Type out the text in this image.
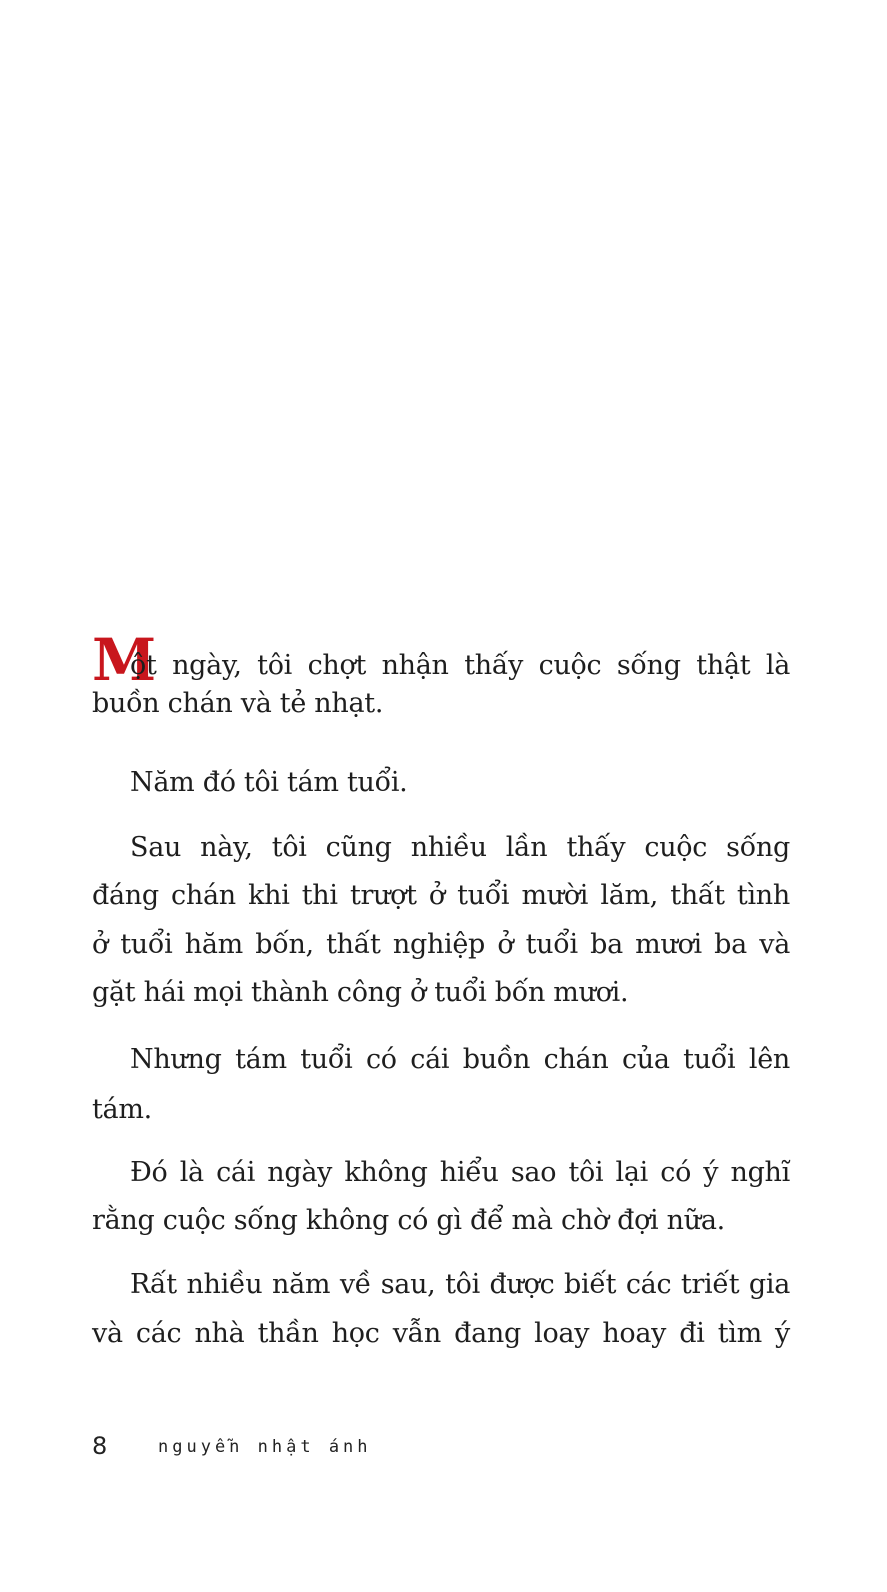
M
ột ngày, tôi chợt nhận thấy cuộc sống thật là
buồn chán và tẻ nhạt.
Năm đó tôi tám tuổi.
Sau này, tôi cũng nhiều lần thấy cuộc sống
đáng chán khi thi trượt ở tuổi mười lăm, thất tình
ở tuổi hăm bốn, thất nghiệp ở tuổi ba mươi ba và
gặt hái mọi thành công ở tuổi bốn mươi.
Nhưng tám tuổi có cái buồn chán của tuổi lên
tám.
Đó là cái ngày không hiểu sao tôi lại có ý nghĩ
rằng cuộc sống không có gì để mà chờ đợi nữa.
Rất nhiều năm về sau, tôi được biết các triết gia
và các nhà thần học vẫn đang loay hoay đi tìm ý
8	nguyễn nhật ánh
